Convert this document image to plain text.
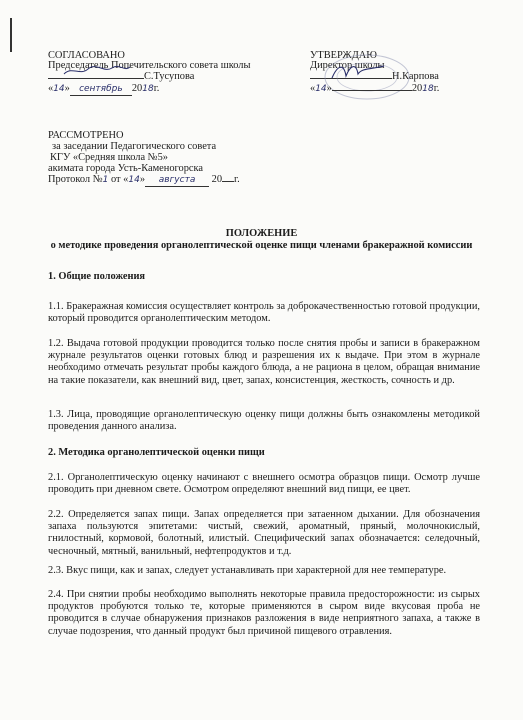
СОГЛАСОВАНО
Председатель Попечительского совета школы
С.Тусупова
«14» сентябрь 2018г.
УТВЕРЖДАЮ
Директор школы
Н.Карпова
«14»	2018г.
РАССМОТРЕНО
за заседании Педагогического совета
КГУ «Средняя школа №5»
акимата города Усть-Каменогорска
Протокол №1 от «14» августа 20 г.
ПОЛОЖЕНИЕ
о методике проведения органолептической оценке пищи членами бракеражной комиссии
1. Общие положения
1.1. Бракеражная комиссия осуществляет контроль за доброкачественностью готовой продукции, который проводится органолептическим методом.
1.2. Выдача готовой продукции проводится только после снятия пробы и записи в бракеражном журнале результатов оценки готовых блюд и разрешения их к выдаче. При этом в журнале необходимо отмечать результат пробы каждого блюда, а не рациона в целом, обращая внимание на такие показатели, как внешний вид, цвет, запах, консистенция, жесткость, сочность и др.
1.3. Лица, проводящие органолептическую оценку пищи должны быть ознакомлены методикой проведения данного анализа.
2. Методика органолептической оценки пищи
2.1. Органолептическую оценку начинают с внешнего осмотра образцов пищи. Осмотр лучше проводить при дневном свете. Осмотром определяют внешний вид пищи, ее цвет.
2.2. Определяется запах пищи. Запах определяется при затаенном дыхании. Для обозначения запаха пользуются эпитетами: чистый, свежий, ароматный, пряный, молочнокислый, гнилостный, кормовой, болотный, илистый. Специфический запах обозначается: селедочный, чесночный, мятный, ванильный, нефтепродуктов и т.д.
2.3. Вкус пищи, как и запах, следует устанавливать при характерной для нее температуре.
2.4. При снятии пробы необходимо выполнять некоторые правила предосторожности: из сырых продуктов пробуются только те, которые применяются в сыром виде вкусовая проба не проводится в случае обнаружения признаков разложения в виде неприятного запаха, а также в случае подозрения, что данный продукт был причиной пищевого отравления.
